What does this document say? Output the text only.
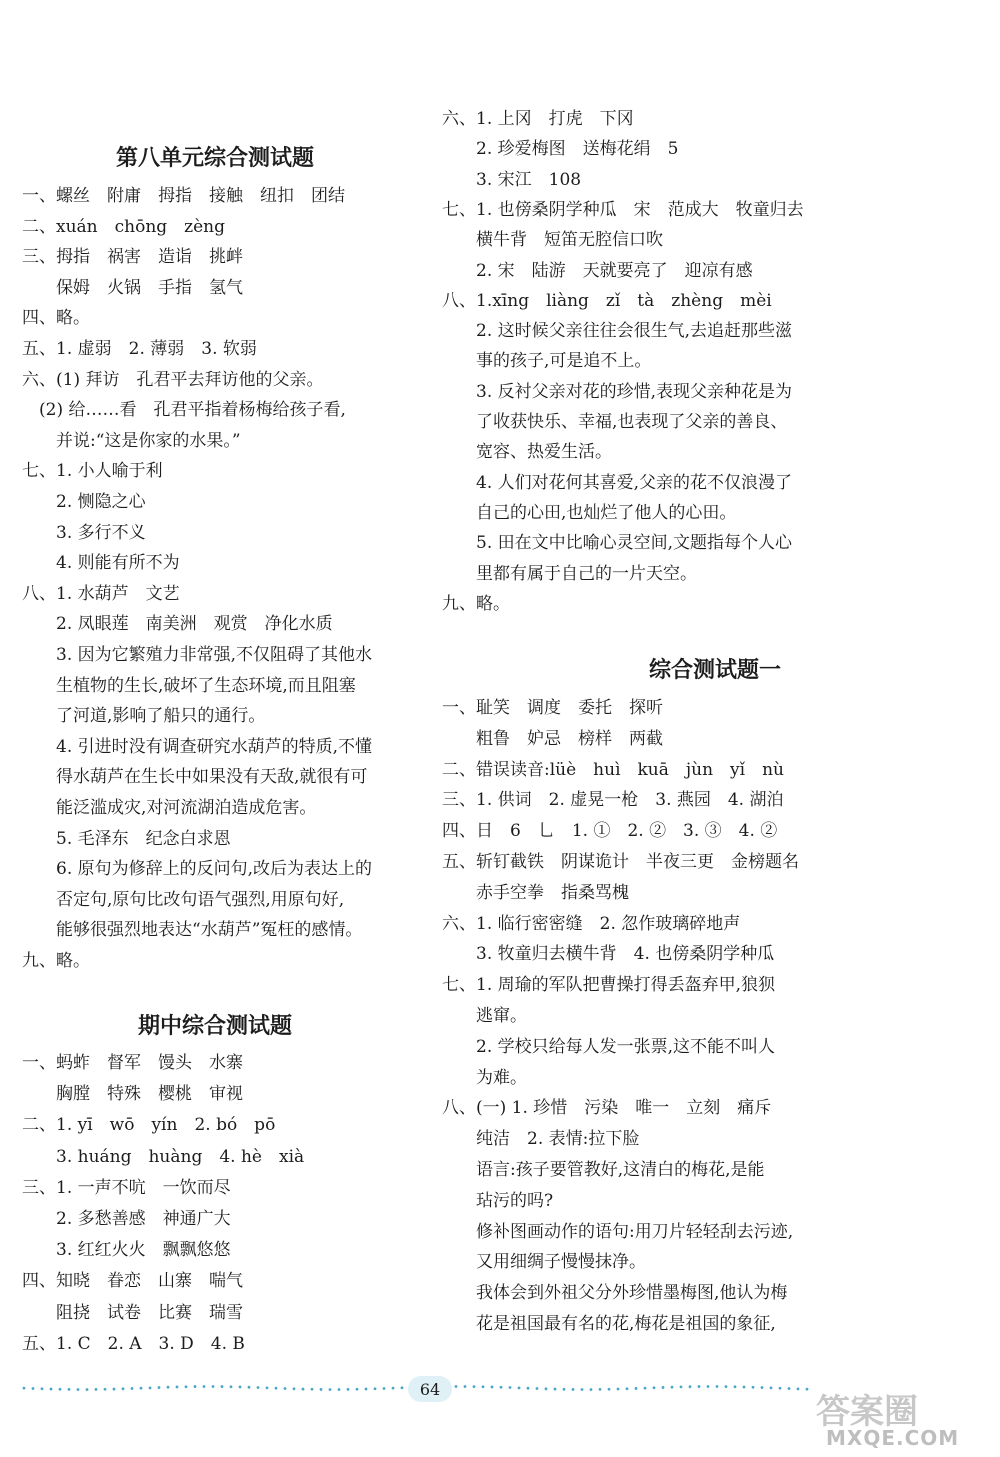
第八单元综合测试题
一、螺丝　附庸　拇指　接触　纽扣　团结
二、xuán　chōng　zèng
三、拇指　祸害　造诣　挑衅
　　保姆　火锅　手指　氢气
四、略。
五、1. 虚弱　2. 薄弱　3. 软弱
六、(1) 拜访　孔君平去拜访他的父亲。
　(2) 给……看　孔君平指着杨梅给孩子看,
　　并说:“这是你家的水果。”
七、1. 小人喻于利
　　2. 恻隐之心
　　3. 多行不义
　　4. 则能有所不为
八、1. 水葫芦　文艺
　　2. 凤眼莲　南美洲　观赏　净化水质
　　3. 因为它繁殖力非常强,不仅阻碍了其他水
　　生植物的生长,破坏了生态环境,而且阻塞
　　了河道,影响了船只的通行。
　　4. 引进时没有调查研究水葫芦的特质,不懂
　　得水葫芦在生长中如果没有天敌,就很有可
　　能泛滥成灾,对河流湖泊造成危害。
　　5. 毛泽东　纪念白求恩
　　6. 原句为修辞上的反问句,改后为表达上的
　　否定句,原句比改句语气强烈,用原句好,
　　能够很强烈地表达“水葫芦”冤枉的感情。
九、略。
期中综合测试题
一、蚂蚱　督军　馒头　水寨
　　胸膛　特殊　樱桃　审视
二、1. yī　wō　yín　2. bó　pō
　　3. huáng　huàng　4. hè　xià
三、1. 一声不吭　一饮而尽
　　2. 多愁善感　神通广大
　　3. 红红火火　飘飘悠悠
四、知晓　眷恋　山寨　喘气
　　阻挠　试卷　比赛　瑞雪
五、1. C　2. A　3. D　4. B
六、1. 上冈　打虎　下冈
　　2. 珍爱梅图　送梅花绢　5
　　3. 宋江　108
七、1. 也傍桑阴学种瓜　宋　范成大　牧童归去
　　横牛背　短笛无腔信口吹
　　2. 宋　陆游　天就要亮了　迎凉有感
八、1.xīng　liàng　zǐ　tà　zhèng　mèi
　　2. 这时候父亲往往会很生气,去追赶那些滋
　　事的孩子,可是追不上。
　　3. 反衬父亲对花的珍惜,表现父亲种花是为
　　了收获快乐、幸福,也表现了父亲的善良、
　　宽容、热爱生活。
　　4. 人们对花何其喜爱,父亲的花不仅浪漫了
　　自己的心田,也灿烂了他人的心田。
　　5. 田在文中比喻心灵空间,文题指每个人心
　　里都有属于自己的一片天空。
九、略。
综合测试题一
一、耻笑　调度　委托　探听
　　粗鲁　妒忌　榜样　两截
二、错误读音:lüè　huì　kuā　jùn　yǐ　nù
三、1. 供词　2. 虚晃一枪　3. 燕园　4. 湖泊
四、日　6　乚　1. ①　2. ②　3. ③　4. ②
五、斩钉截铁　阴谋诡计　半夜三更　金榜题名
　　赤手空拳　指桑骂槐
六、1. 临行密密缝　2. 忽作玻璃碎地声
　　3. 牧童归去横牛背　4. 也傍桑阴学种瓜
七、1. 周瑜的军队把曹操打得丢盔弃甲,狼狈
　　逃窜。
　　2. 学校只给每人发一张票,这不能不叫人
　　为难。
八、(一) 1. 珍惜　污染　唯一　立刻　痛斥
　　纯洁　2. 表情:拉下脸
　　语言:孩子要管教好,这清白的梅花,是能
　　玷污的吗?
　　修补图画动作的语句:用刀片轻轻刮去污迹,
　　又用细绸子慢慢抹净。
　　我体会到外祖父分外珍惜墨梅图,他认为梅
　　花是祖国最有名的花,梅花是祖国的象征,
64
答案圈
MXQE.COM
